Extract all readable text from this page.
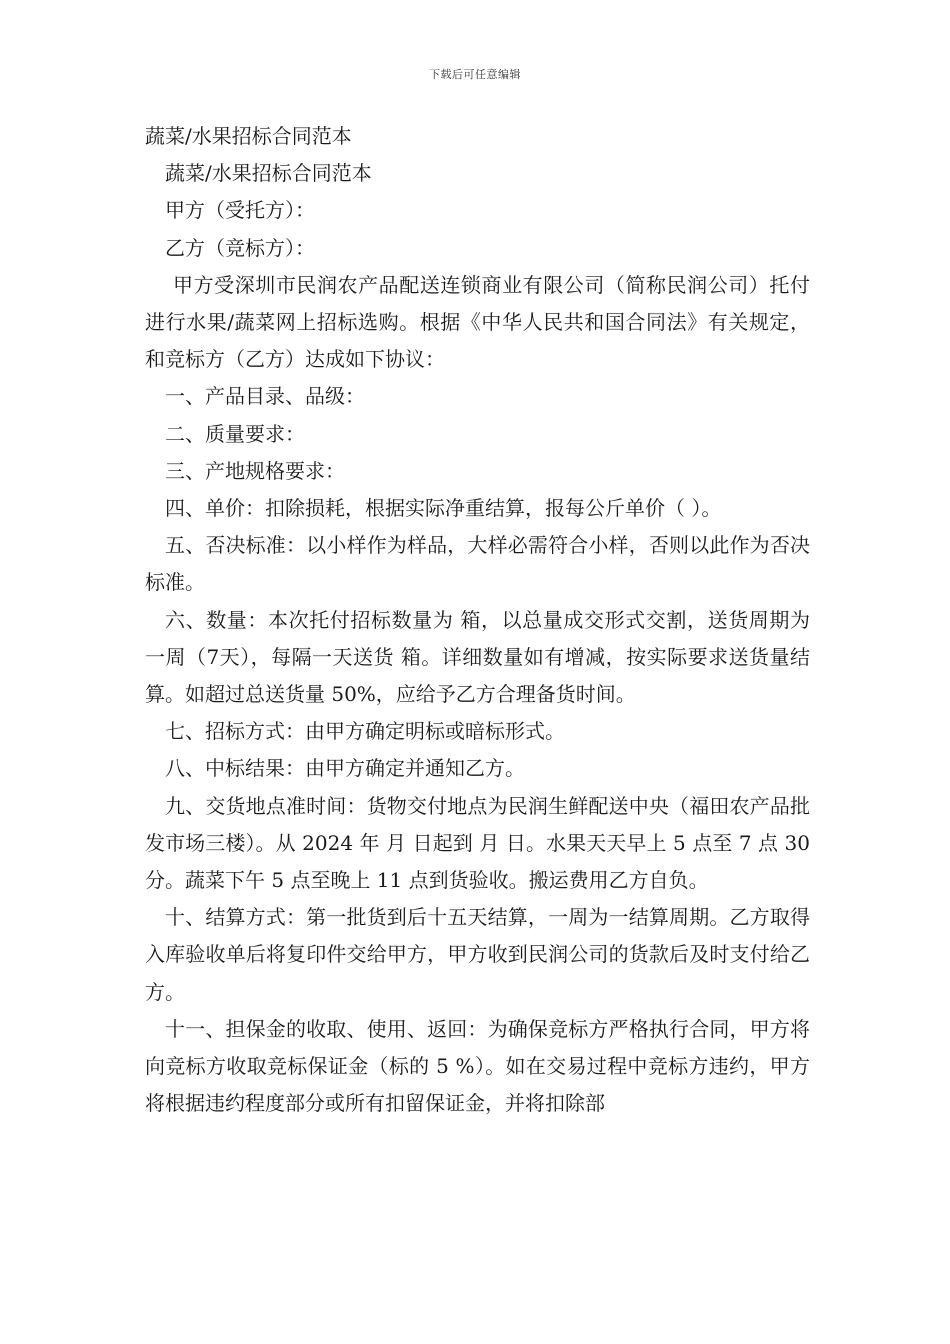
下载后可任意编辑

蔬菜/水果招标合同范本

蔬菜/水果招标合同范本

甲方（受托方）：

乙方（竞标方）：

甲方受深圳市民润农产品配送连锁商业有限公司（简称民润公司）托付进行水果/蔬菜网上招标选购。根据《中华人民共和国合同法》有关规定，和竞标方（乙方）达成如下协议：

一、产品目录、品级：

二、质量要求：

三、产地规格要求：

四、单价：扣除损耗，根据实际净重结算，报每公斤单价（ ）。

五、否决标准：以小样作为样品，大样必需符合小样，否则以此作为否决标准。

六、数量：本次托付招标数量为 箱，以总量成交形式交割，送货周期为一周（7天），每隔一天送货 箱。详细数量如有增减，按实际要求送货量结算。如超过总送货量 50%，应给予乙方合理备货时间。

七、招标方式：由甲方确定明标或暗标形式。

八、中标结果：由甲方确定并通知乙方。

九、交货地点准时间：货物交付地点为民润生鲜配送中央（福田农产品批发市场三楼）。从 2024 年 月 日起到 月 日。水果天天早上 5 点至 7 点 30 分。蔬菜下午 5 点至晚上 11 点到货验收。搬运费用乙方自负。

十、结算方式：第一批货到后十五天结算，一周为一结算周期。乙方取得入库验收单后将复印件交给甲方，甲方收到民润公司的货款后及时支付给乙方。

十一、担保金的收取、使用、返回：为确保竞标方严格执行合同，甲方将向竞标方收取竞标保证金（标的 5 %）。如在交易过程中竞标方违约，甲方将根据违约程度部分或所有扣留保证金，并将扣除部
